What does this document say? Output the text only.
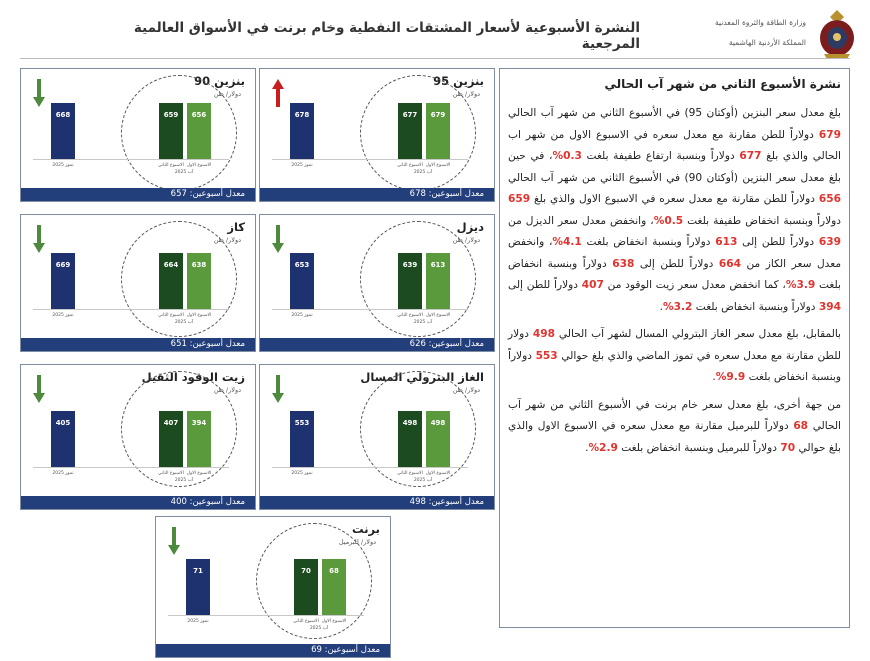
النشرة الأسبوعية لأسعار المشتقات النفطية وخام برنت في الأسواق العالمية المرجعية
وزارة الطاقة والثروة المعدنية
المملكة الأردنية الهاشمية
نشرة الأسبوع الثاني من شهر آب الحالي

بلغ معدل سعر البنزين (أوكتان 95) في الأسبوع الثاني من شهر آب الحالي 679 دولاراً للطن مقارنة مع معدل سعره في الاسبوع الاول من شهر اب الحالي والذي بلغ 677 دولاراً وبنسبة ارتفاع طفيفة بلغت 0.3%، في حين بلغ معدل سعر البنزين (أوكتان 90) في الأسبوع الثاني من شهر آب الحالي 656 دولاراً للطن مقارنة مع معدل سعره في الاسبوع الاول والذي بلغ 659 دولاراً وبنسبة انخفاض طفيفة بلغت 0.5%، وانخفض معدل سعر الديزل من 639 دولاراً للطن إلى 613 دولاراً وبنسبة انخفاض بلغت 4.1%، وانخفض معدل سعر الكاز من 664 دولاراً للطن إلى 638 دولاراً وبنسبة انخفاض بلغت 3.9%، كما انخفض معدل سعر زيت الوقود من 407 دولاراً للطن إلى 394 دولاراً وبنسبة انخفاض بلغت 3.2%.

بالمقابل، بلغ معدل سعر الغاز البترولي المسال لشهر آب الحالي 498 دولار للطن مقارنة مع معدل سعره في تموز الماضي والذي بلغ حوالي 553 دولاراً وبنسبة انخفاض بلغت 9.9%.

من جهة أخرى، بلغ معدل سعر خام برنت في الأسبوع الثاني من شهر آب الحالي 68 دولاراً للبرميل مقارنة مع معدل سعره في الاسبوع الاول والذي بلغ حوالي 70 دولاراً للبرميل وبنسبة انخفاض بلغت 2.9%.

بنزين 95
دولار/ طن
678
تموز 2025
677
الاسبوع الثاني
679
الاسبوع الاول
آب 2025
معدل أسبوعين: 678
بنزين 90
دولار/ طن
668
تموز 2025
659
الاسبوع الثاني
656
الاسبوع الاول
آب 2025
معدل أسبوعين: 657
ديزل
دولار/ طن
653
تموز 2025
639
الاسبوع الثاني
613
الاسبوع الاول
آب 2025
معدل أسبوعين: 626
كاز
دولار/ طن
669
تموز 2025
664
الاسبوع الثاني
638
الاسبوع الاول
آب 2025
معدل أسبوعين: 651
الغاز البترولي المسال
دولار/ طن
553
تموز 2025
498
الاسبوع الثاني
498
الاسبوع الاول
آب 2025
معدل أسبوعين: 498
زيت الوقود الثقيل
دولار/ طن
405
تموز 2025
407
الاسبوع الثاني
394
الاسبوع الاول
آب 2025
معدل أسبوعين: 400
برنت
دولار/ للبرميل
71
تموز 2025
70
الاسبوع الثاني
68
الاسبوع الاول
آب 2025
معدل أسبوعين: 69
